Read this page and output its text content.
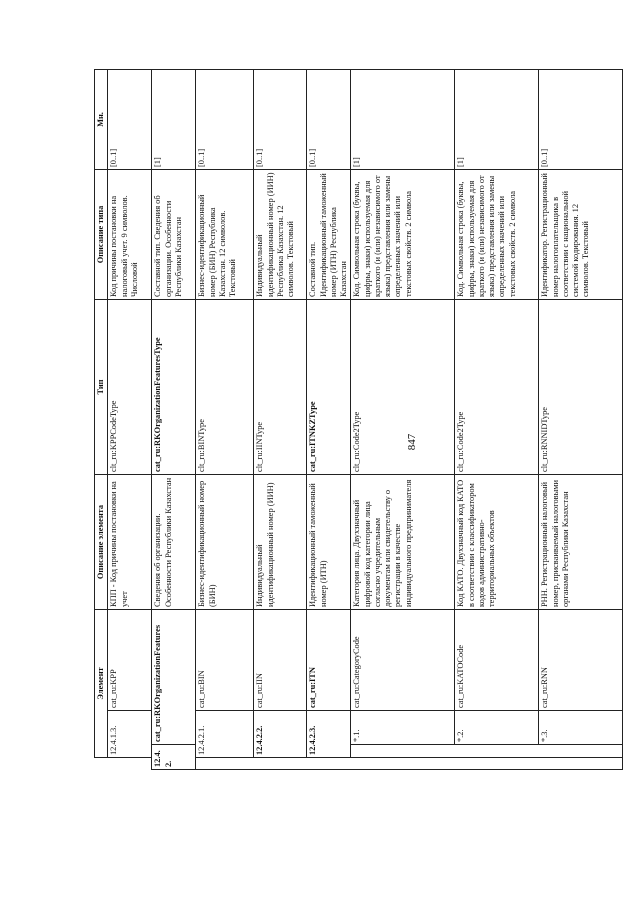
847
	Элемент			Описание элемента	Тип	Описание типа	Мн.
	12.4.1.3.		cat_ru:KPP	КПП - Код причины постановки на учет	clt_ru:KPPCodeType	Код причины постановки на налоговый учет. 9 символов. Числовой	[0..1]
12.4.2.		cat_ru:RKOrganizationFeatures		Сведения об организации. Особенности Республики Казахстан	cat_ru:RKOrganizationFeaturesType	Составной тип. Сведения об организации. Особенности Республики Казахстан	[1]
	12.4.2.1.		cat_ru:BIN	Бизнес-идентификационный номер (БИН)	clt_ru:BINType	Бизнес-идентификационный номер (БИН) Республика Казахстан. 12 символов. Текстовый	[0..1]
	12.4.2.2.		cat_ru:IIN	Индивидуальный идентификационный номер (ИИН)	clt_ru:IINType	Индивидуальный идентификационный номер (ИИН) Республика Казахстан. 12 символов. Текстовый	[0..1]
	12.4.2.3.		cat_ru:ITN	Идентификационный таможенный номер (ИТН)	cat_ru:ITNKZType	Составной тип. Идентификационный таможенный номер (ИТН) Республика Казахстан	[0..1]
		*.1.	cat_ru:CategoryCode	Категория лица. Двухзначный цифровой код категории лица согласно учредительным документам или свидетельству о регистрации в качестве индивидуального предпринимателя	clt_ru:Code2Type	Код. Символьная строка (буквы, цифры, знаки) используемая для краткого (и (или) независимого от языка) представления или замены определенных значений или текстовых свойств. 2 символа	[1]
		*.2.	cat_ru:KATOCode	Код КАТО. Двухзначный код КАТО в соответствии с классификатором кодов административно-территориальных объектов	clt_ru:Code2Type	Код. Символьная строка (буквы, цифры, знаки) используемая для краткого (и (или) независимого от языка) представления или замены определенных значений или текстовых свойств. 2 символа	[1]
		*.3.	cat_ru:RNN	РНН. Регистрационный налоговый номер, присваиваемый налоговыми органами Республики Казахстан	clt_ru:RNNIDType	Идентификатор. Регистрационный номер налогоплательщика в соответствии с национальной системой кодирования. 12 символов. Текстовый	[0..1]
